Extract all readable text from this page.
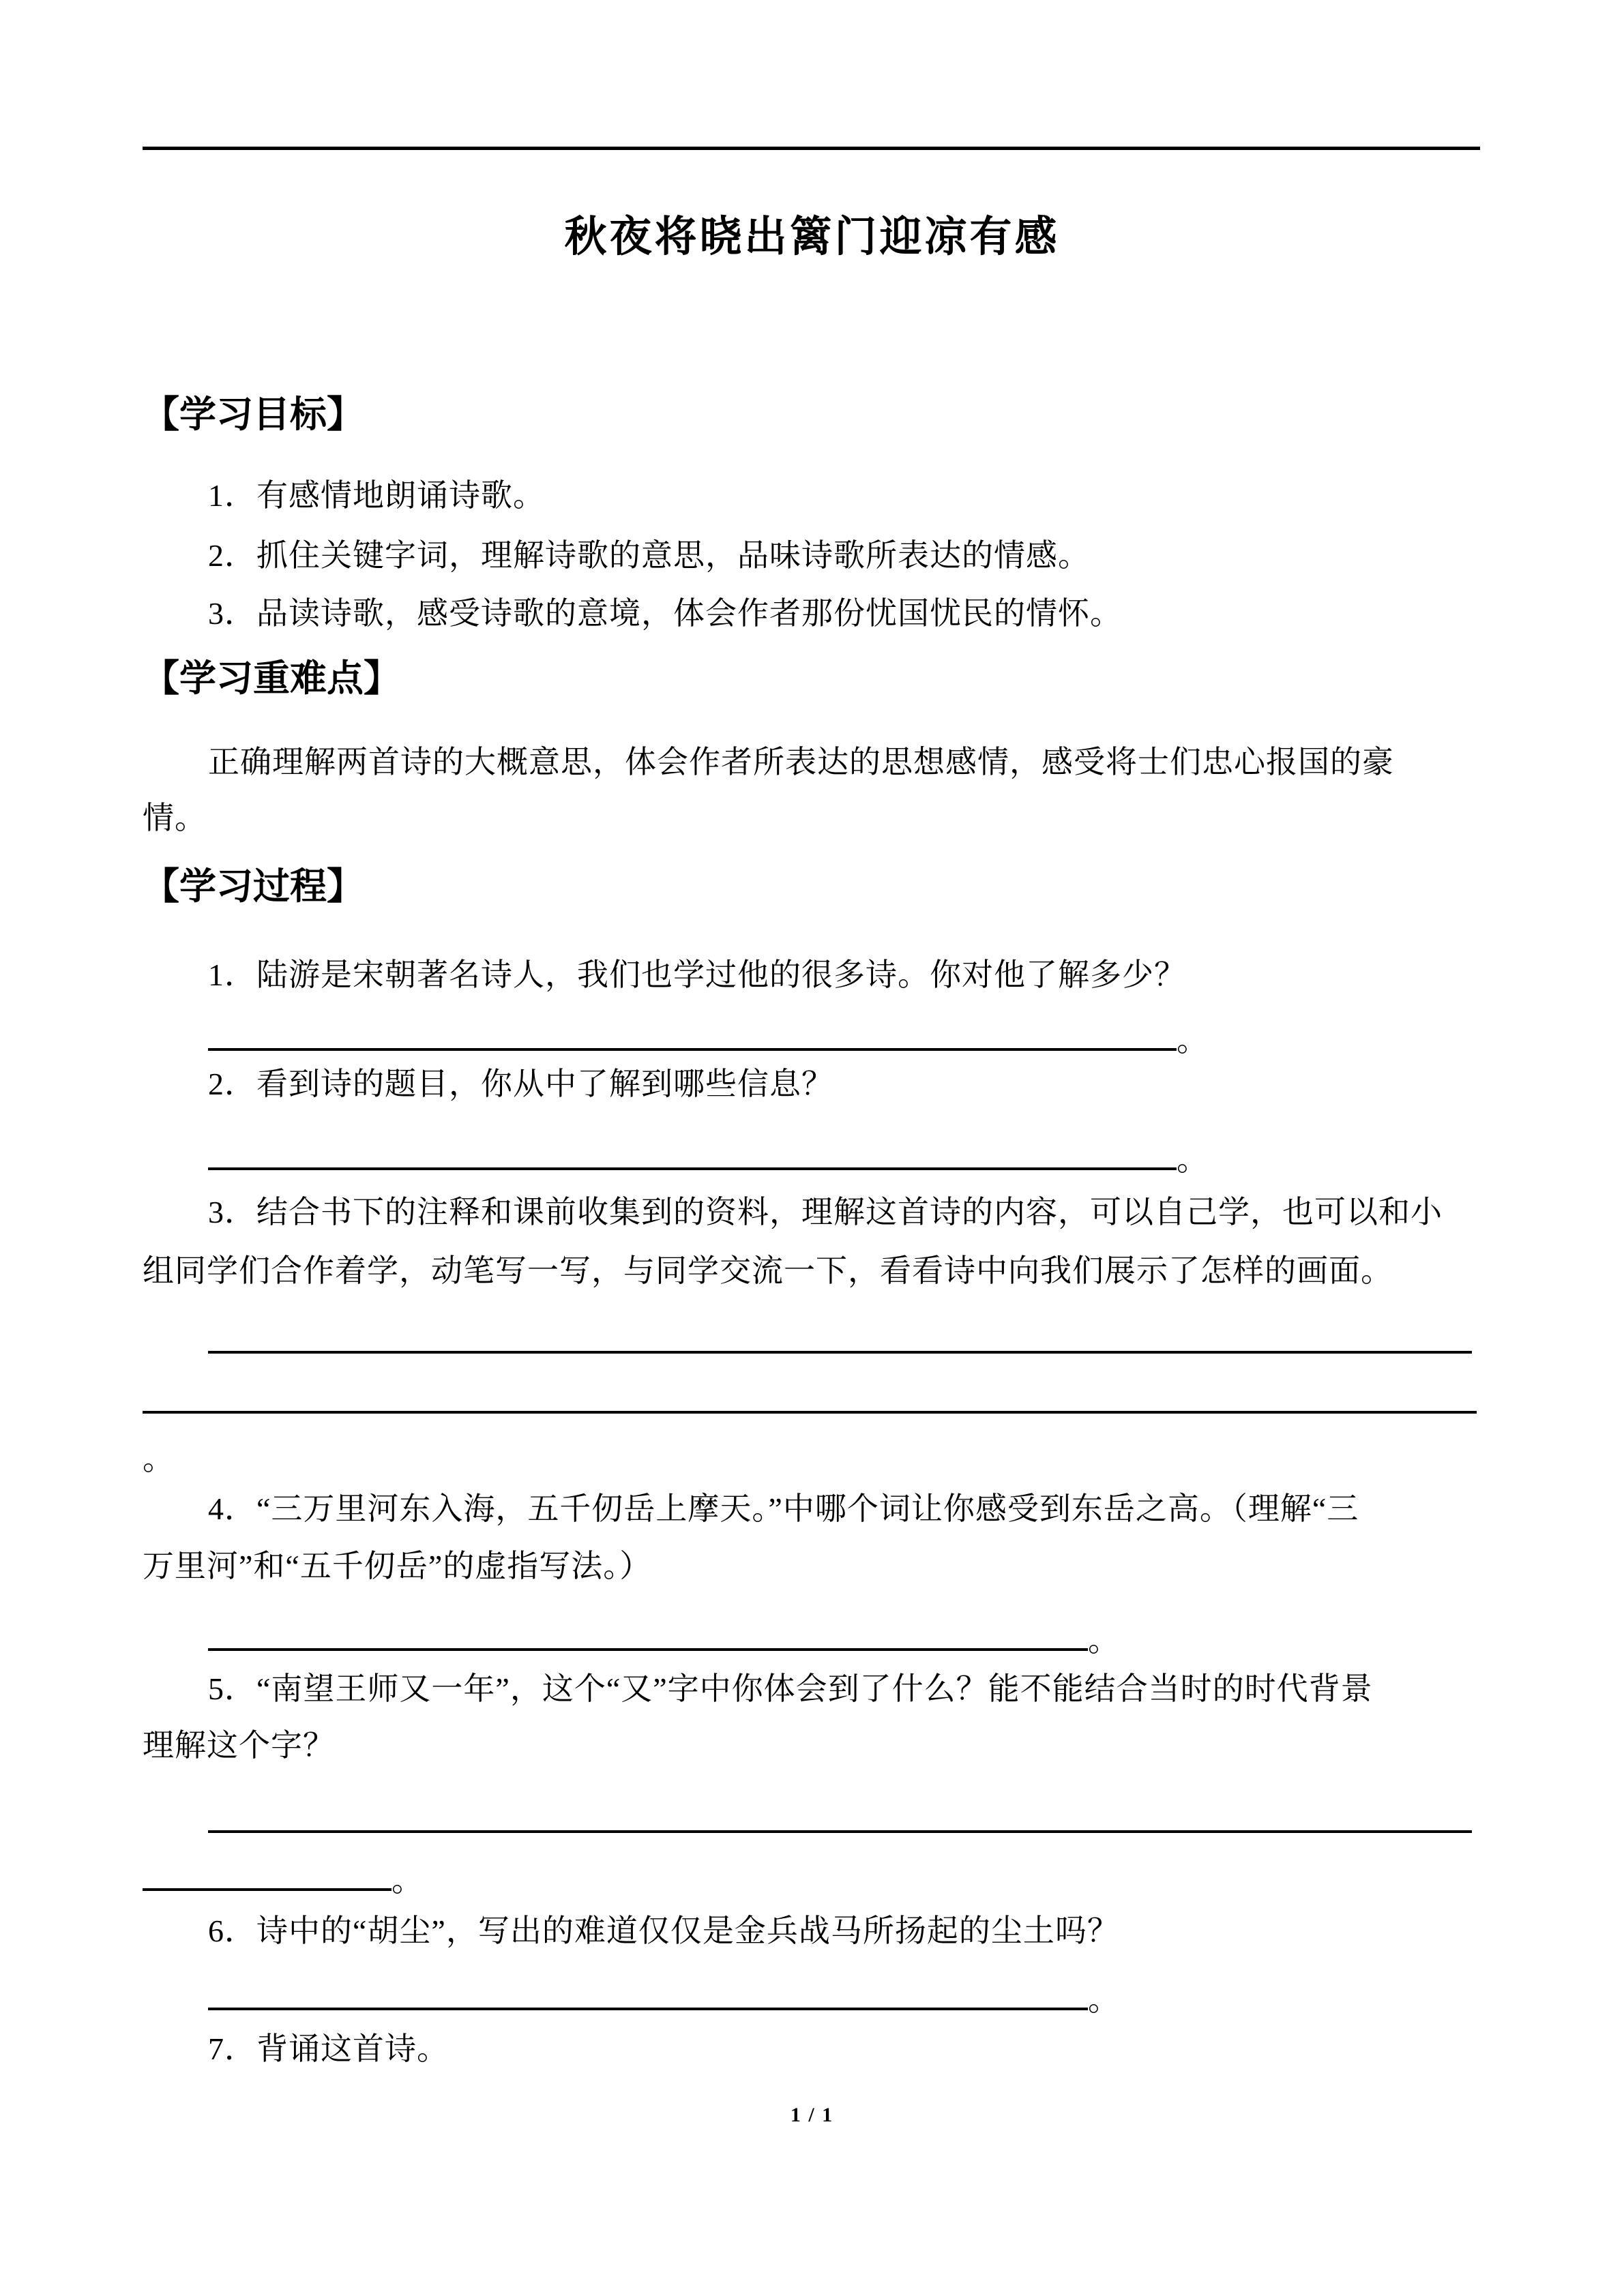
秋夜将晓出篱门迎凉有感
【学习目标】
1．有感情地朗诵诗歌。
2．抓住关键字词，理解诗歌的意思，品味诗歌所表达的情感。
3．品读诗歌，感受诗歌的意境，体会作者那份忧国忧民的情怀。
【学习重难点】
正确理解两首诗的大概意思，体会作者所表达的思想感情，感受将士们忠心报国的豪
情。
【学习过程】
1．陆游是宋朝著名诗人，我们也学过他的很多诗。你对他了解多少？
。
2．看到诗的题目，你从中了解到哪些信息？
。
3．结合书下的注释和课前收集到的资料，理解这首诗的内容，可以自己学，也可以和小
组同学们合作着学，动笔写一写，与同学交流一下，看看诗中向我们展示了怎样的画面。
。
4．“三万里河东入海，五千仞岳上摩天。”中哪个词让你感受到东岳之高。（理解“三
万里河”和“五千仞岳”的虚指写法。）
。
5．“南望王师又一年”，这个“又”字中你体会到了什么？能不能结合当时的时代背景
理解这个字？
。
6．诗中的“胡尘”，写出的难道仅仅是金兵战马所扬起的尘土吗？
。
7．背诵这首诗。
1 / 1
